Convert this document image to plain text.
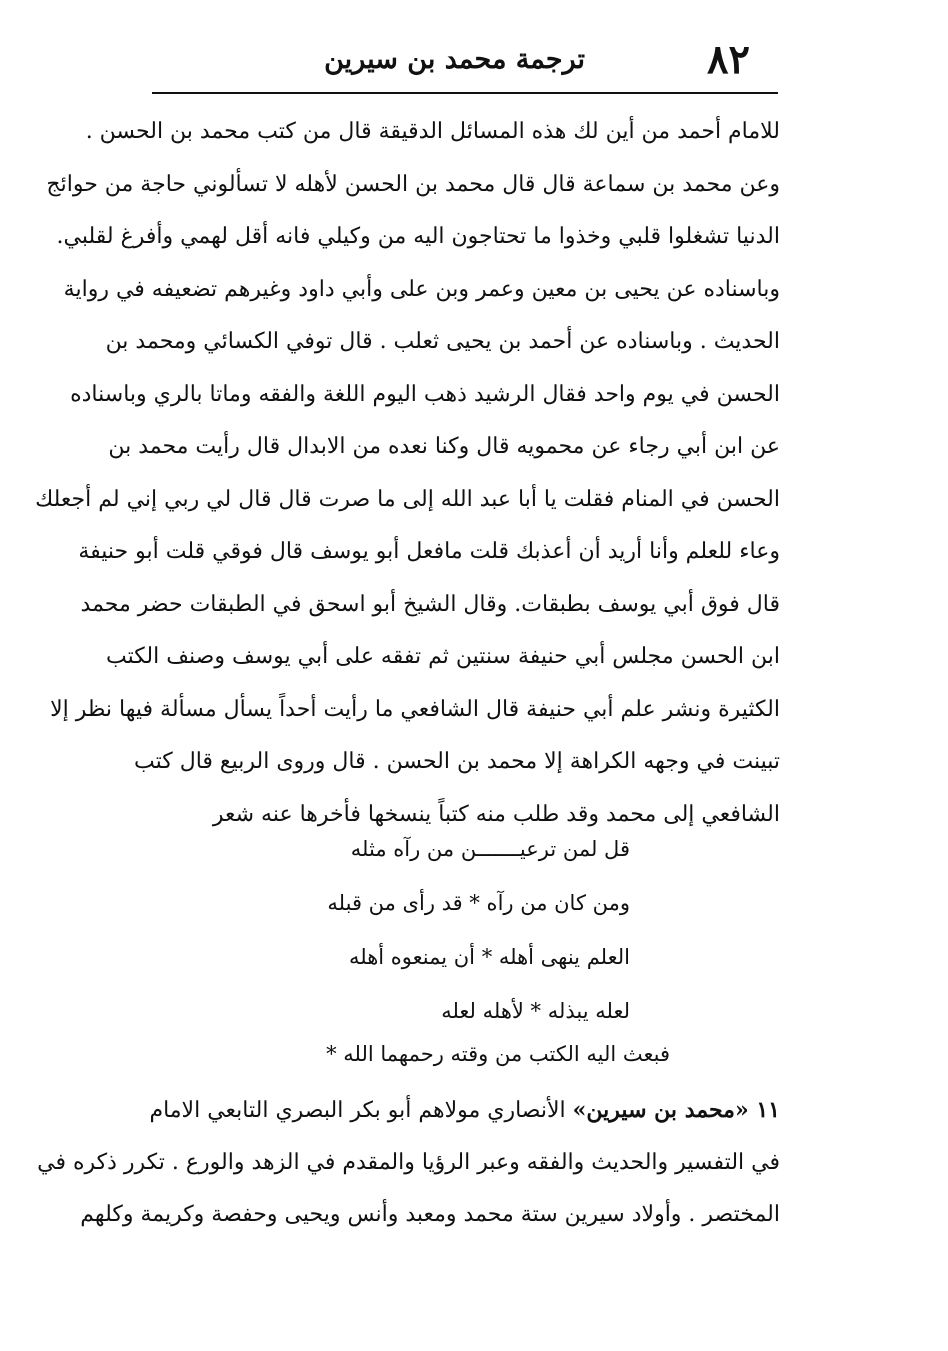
٨٢
ترجمة محمد بن سيرين
للامام أحمد من أين لك هذه المسائل الدقيقة قال من كتب محمد بن الحسن .
وعن محمد بن سماعة قال قال محمد بن الحسن لأهله لا تسألوني حاجة من حوائج
الدنيا تشغلوا قلبي وخذوا ما تحتاجون اليه من وكيلي فانه أقل لهمي وأفرغ لقلبي.
وباسناده عن يحيى بن معين وعمر وبن على وأبي داود وغيرهم تضعيفه في رواية
الحديث . وباسناده عن أحمد بن يحيى ثعلب . قال توفي الكسائي ومحمد بن
الحسن في يوم واحد فقال الرشيد ذهب اليوم اللغة والفقه وماتا بالري وباسناده
عن ابن أبي رجاء عن محمويه قال وكنا نعده من الابدال قال رأيت محمد بن
الحسن في المنام فقلت يا أبا عبد الله إلى ما صرت قال قال لي ربي إني لم أجعلك
وعاء للعلم وأنا أريد أن أعذبك قلت مافعل أبو يوسف قال فوقي قلت أبو حنيفة
قال فوق أبي يوسف بطبقات. وقال الشيخ أبو اسحق في الطبقات حضر محمد
ابن الحسن مجلس أبي حنيفة سنتين ثم تفقه على أبي يوسف وصنف الكتب
الكثيرة ونشر علم أبي حنيفة قال الشافعي ما رأيت أحداً يسأل مسألة فيها نظر إلا
تبينت في وجهه الكراهة إلا محمد بن الحسن . قال وروى الربيع قال كتب
الشافعي إلى محمد وقد طلب منه كتباً ينسخها فأخرها عنه شعر
قل لمن ترعيـــــــن من رآه مثله
ومن كان من رآه * قد رأى من قبله
العلم ينهى أهله * أن يمنعوه أهله
لعله يبذله * لأهله لعله
فبعث اليه الكتب من وقته رحمهما الله *
١١ «محمد بن سيرين» الأنصاري مولاهم أبو بكر البصري التابعي الامام
في التفسير والحديث والفقه وعبر الرؤيا والمقدم في الزهد والورع . تكرر ذكره في
المختصر . وأولاد سيرين ستة محمد ومعبد وأنس ويحيى وحفصة وكريمة وكلهم
